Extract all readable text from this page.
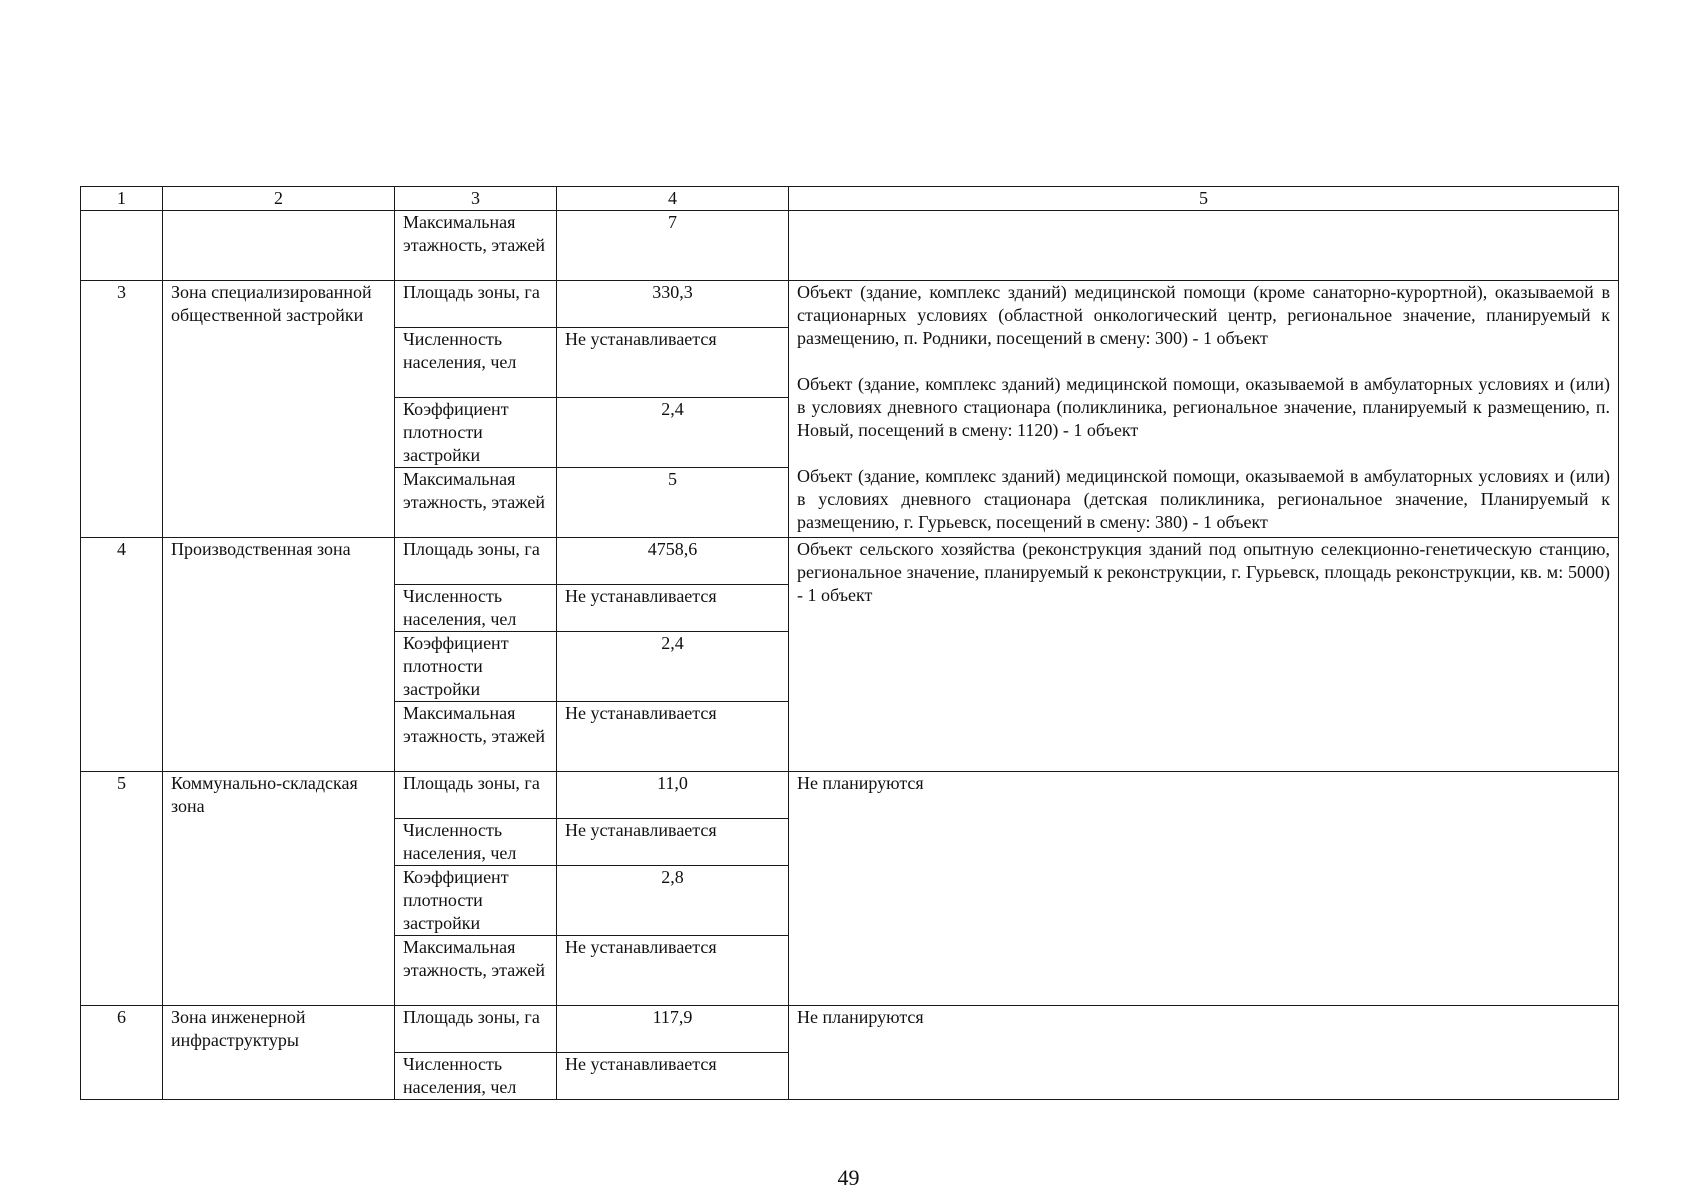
1	2	3	4	5
		Максимальная этажность, этажей	7	
3	Зона специализированной общественной застройки	Площадь зоны, га	330,3	Объект (здание, комплекс зданий) медицинской помощи (кроме санаторно-курортной), оказываемой в стационарных условиях (областной онкологический центр, региональное значение, планируемый к размещению, п. Родники, посещений в смену: 300) - 1 объект

Объект (здание, комплекс зданий) медицинской помощи, оказываемой в амбулаторных условиях и (или) в условиях дневного стационара (поликлиника, региональное значение, планируемый к размещению, п. Новый, посещений в смену: 1120) - 1 объект

Объект (здание, комплекс зданий) медицинской помощи, оказываемой в амбулаторных условиях и (или) в условиях дневного стационара (детская поликлиника, региональное значение, Планируемый к размещению, г. Гурьевск, посещений в смену: 380) - 1 объект

		Численность населения, чел	Не устанавливается	
		Коэффициент плотности застройки	2,4	
		Максимальная этажность, этажей	5	
4	Производственная зона	Площадь зоны, га	4758,6	Объект сельского хозяйства (реконструкция зданий под опытную селекционно-генетическую станцию, региональное значение, планируемый к реконструкции, г. Гурьевск, площадь реконструкции, кв. м: 5000) - 1 объект

		Численность населения, чел	Не устанавливается	
		Коэффициент плотности застройки	2,4	
		Максимальная этажность, этажей	Не устанавливается	
5	Коммунально-складская зона	Площадь зоны, га	11,0	Не планируются

		Численность населения, чел	Не устанавливается	
		Коэффициент плотности застройки	2,8	
		Максимальная этажность, этажей	Не устанавливается	
6	Зона инженерной инфраструктуры	Площадь зоны, га	117,9	Не планируются

		Численность населения, чел	Не устанавливается	
49
